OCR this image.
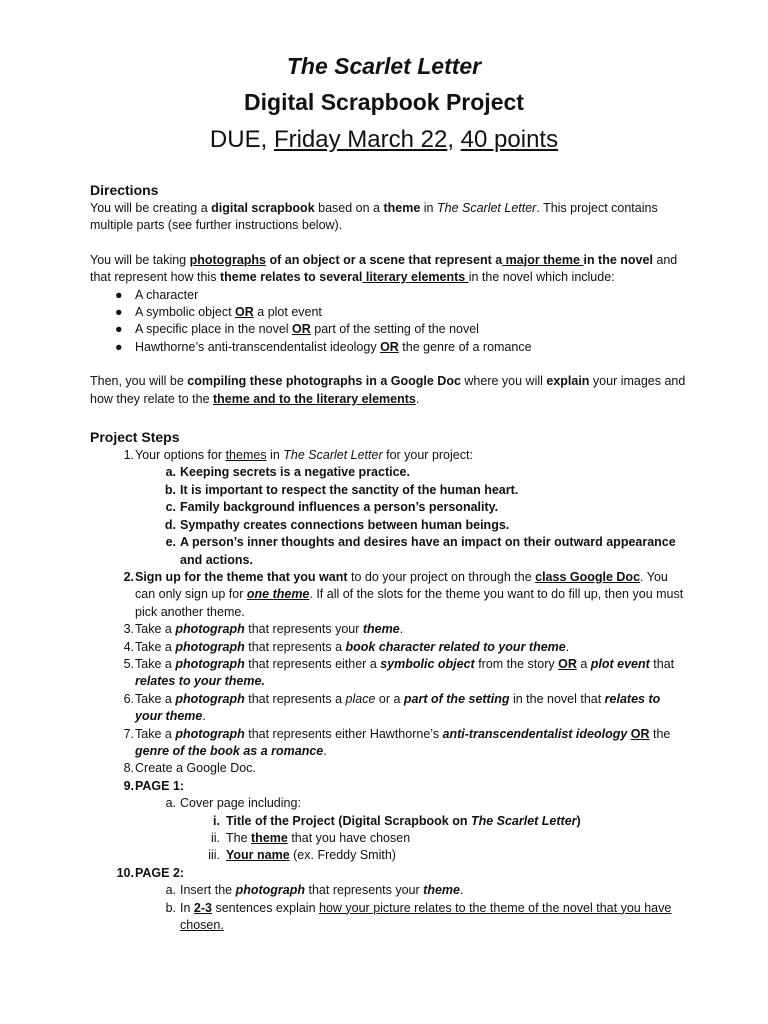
The Scarlet Letter
Digital Scrapbook Project
DUE, Friday March 22, 40 points
Directions

You will be creating a digital scrapbook based on a theme in The Scarlet Letter. This project contains multiple parts (see further instructions below).

You will be taking photographs of an object or a scene that represent a major theme in the novel and that represent how this theme relates to several literary elements in the novel which include:

● A character
● A symbolic object OR a plot event
● A specific place in the novel OR part of the setting of the novel
● Hawthorne’s anti-transcendentalist ideology OR the genre of a romance

Then, you will be compiling these photographs in a Google Doc where you will explain your images and how they relate to the theme and to the literary elements.

Project Steps
1. Your options for themes in The Scarlet Letter for your project:
a. Keeping secrets is a negative practice.
b. It is important to respect the sanctity of the human heart.
c. Family background influences a person’s personality.
d. Sympathy creates connections between human beings.
e. A person’s inner thoughts and desires have an impact on their outward appearance and actions.
2. Sign up for the theme that you want to do your project on through the class Google Doc. You can only sign up for one theme. If all of the slots for the theme you want to do fill up, then you must pick another theme.
3. Take a photograph that represents your theme.
4. Take a photograph that represents a book character related to your theme.
5. Take a photograph that represents either a symbolic object from the story OR a plot event that relates to your theme.
6. Take a photograph that represents a place or a part of the setting in the novel that relates to your theme.
7. Take a photograph that represents either Hawthorne’s anti-transcendentalist ideology OR the genre of the book as a romance.
8. Create a Google Doc.
9. PAGE 1:
a. Cover page including:
i. Title of the Project (Digital Scrapbook on The Scarlet Letter)
ii. The theme that you have chosen
iii. Your name (ex. Freddy Smith)
10. PAGE 2:
a. Insert the photograph that represents your theme.
b. In 2-3 sentences explain how your picture relates to the theme of the novel that you have chosen.
